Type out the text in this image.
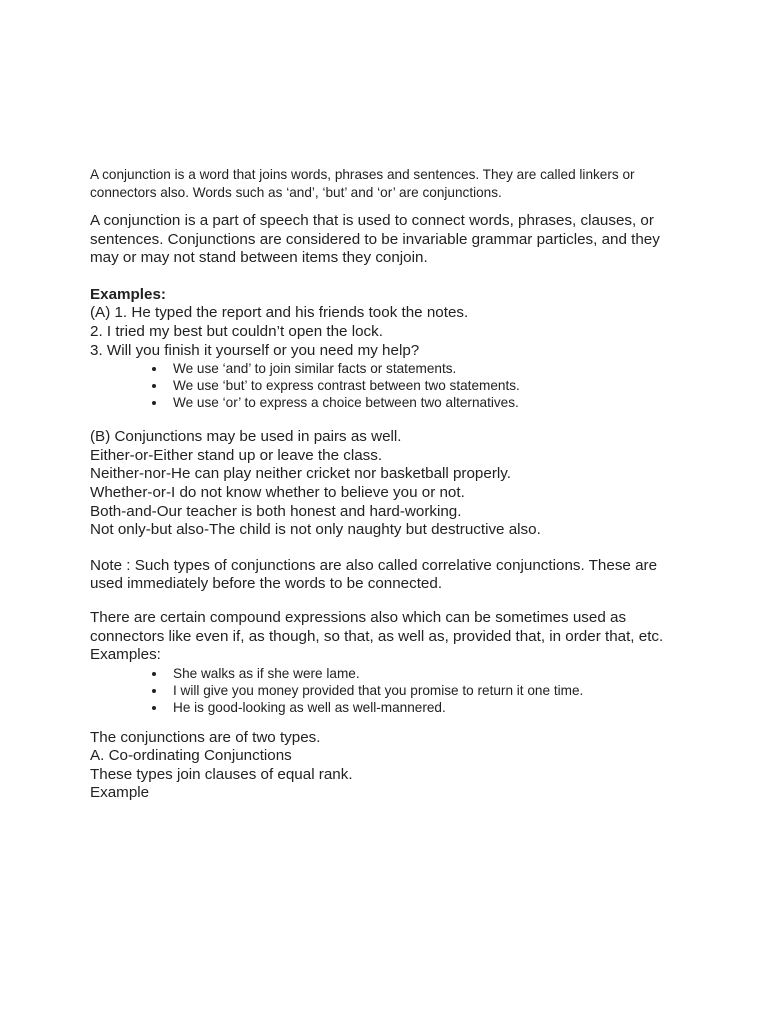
A conjunction is a word that joins words, phrases and sentences. They are called linkers or
connectors also. Words such as ‘and’, ‘but’ and ‘or’ are conjunctions.

A conjunction is a part of speech that is used to connect words, phrases, clauses, or
sentences. Conjunctions are considered to be invariable grammar particles, and they
may or may not stand between items they conjoin.

Examples:
(A) 1. He typed the report and his friends took the notes.
2. I tried my best but couldn’t open the lock.
3. Will you finish it yourself or you need my help?
We use ‘and’ to join similar facts or statements.
We use ‘but’ to express contrast between two statements.
We use ‘or’ to express a choice between two alternatives.
(B) Conjunctions may be used in pairs as well.
Either-or-Either stand up or leave the class.
Neither-nor-He can play neither cricket nor basketball properly.
Whether-or-I do not know whether to believe you or not.
Both-and-Our teacher is both honest and hard-working.
Not only-but also-The child is not only naughty but destructive also.

Note : Such types of conjunctions are also called correlative conjunctions. These are
used immediately before the words to be connected.

There are certain compound expressions also which can be sometimes used as
connectors like even if, as though, so that, as well as, provided that, in order that, etc.
Examples:

She walks as if she were lame.
I will give you money provided that you promise to return it one time.
He is good-looking as well as well-mannered.

The conjunctions are of two types.
A. Co-ordinating Conjunctions
These types join clauses of equal rank.
Example
